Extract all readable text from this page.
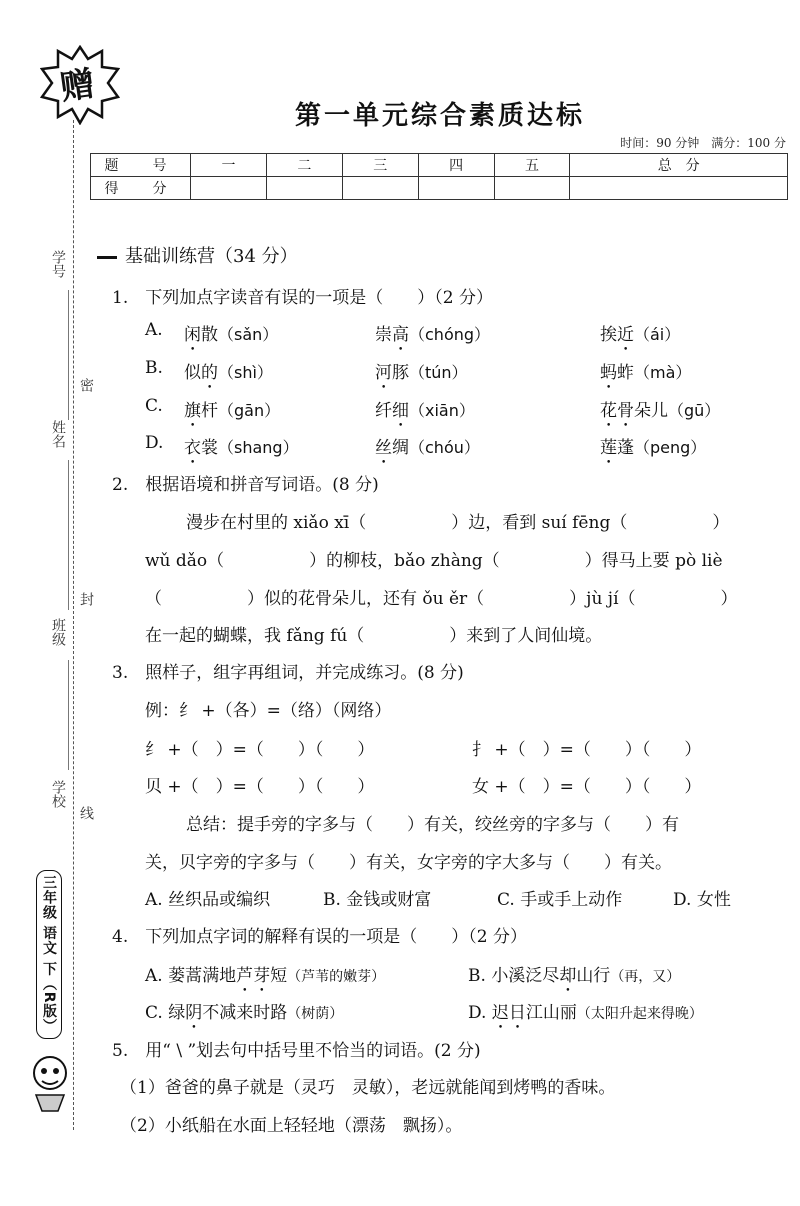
学号
密
姓名
封
班级
学校
线
赠
三年级 语文 下（R版）
第一单元综合素质达标
时间：90 分钟　满分：100 分
题　号	一	二	三	四	五	总　分
得　分						
基础训练营（34 分）
1.　下列加点字读音有误的一项是（　　）（2 分）
A. 闲散（sǎn）	崇高（chóng）	挨近（ái）
B. 似的（shì）	河豚（tún）	蚂蚱（mà）
C. 旗杆（gān）	纤细（xiān）	花骨朵儿（gū）
D. 衣裳（shang）	丝绸（chóu）	莲蓬（peng）
2.　根据语境和拼音写词语。(8 分)
漫步在村里的 xiǎo xī（　　　　　）边，看到 suí fēng（　　　　　）
wǔ dǎo（　　　　　）的柳枝，bǎo zhàng（　　　　　）得马上要 pò liè
（　　　　　）似的花骨朵儿，还有 ǒu ěr（　　　　　）jù jí（　　　　　）
在一起的蝴蝶，我 fǎng fú（　　　　　）来到了人间仙境。
3.　照样子，组字再组词，并完成练习。(8 分)
例：纟 +（各）=（络）（网络）
纟 +（　）=（　　）（　　）	扌 +（　）=（　　）（　　）
贝 +（　）=（　　）（　　）	女 +（　）=（　　）（　　）
总结：提手旁的字多与（　　）有关，绞丝旁的字多与（　　）有
关，贝字旁的字多与（　　）有关，女字旁的字大多与（　　）有关。
A. 丝织品或编织	B. 金钱或财富	C. 手或手上动作	D. 女性
4.　下列加点字词的解释有误的一项是（　　）（2 分）
A. 蒌蒿满地芦芽短（芦苇的嫩芽）	B. 小溪泛尽却山行（再，又）
C. 绿阴不减来时路（树荫）	D. 迟日江山丽（太阳升起来得晚）
5.　用“ \ ”划去句中括号里不恰当的词语。(2 分)
（1）爸爸的鼻子就是（灵巧　灵敏），老远就能闻到烤鸭的香味。
（2）小纸船在水面上轻轻地（漂荡　飘扬）。
